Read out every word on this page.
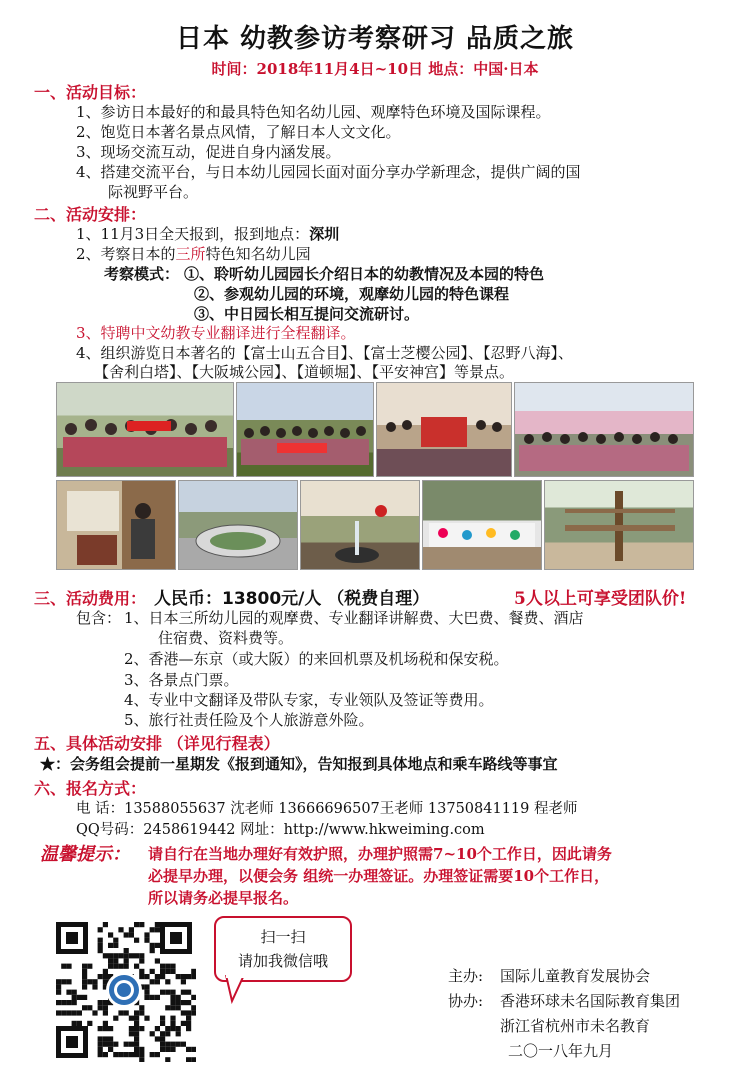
日本 幼教参访考察研习 品质之旅
时间：2018年11月4日~10日 地点：中国·日本
一、活动目标：
1、参访日本最好的和最具特色知名幼儿园、观摩特色环境及国际课程。
2、饱览日本著名景点风情，了解日本人文文化。
3、现场交流互动，促进自身内涵发展。
4、搭建交流平台，与日本幼儿园园长面对面分享办学新理念，提供广阔的国
际视野平台。
二、活动安排：
1、11月3日全天报到，报到地点：深圳
2、考察日本的三所特色知名幼儿园
考察模式： ①、聆听幼儿园园长介绍日本的幼教情况及本园的特色
②、参观幼儿园的环境，观摩幼儿园的特色课程
③、中日园长相互提问交流研讨。
3、特聘中文幼教专业翻译进行全程翻译。
4、组织游览日本著名的【富士山五合目】、【富士芝樱公园】、【忍野八海】、
【舍利白塔】、【大阪城公园】、【道顿堀】、【平安神宫】等景点。
三、活动费用： 人民币：13800元/人 （税费自理）	5人以上可享受团队价!
包含： 1、日本三所幼儿园的观摩费、专业翻译讲解费、大巴费、餐费、酒店
住宿费、资料费等。
2、香港—东京（或大阪）的来回机票及机场税和保安税。
3、各景点门票。
4、专业中文翻译及带队专家，专业领队及签证等费用。
5、旅行社责任险及个人旅游意外险。
五、具体活动安排 （详见行程表）
★：会务组会提前一星期发《报到通知》，告知报到具体地点和乘车路线等事宜
六、报名方式：
电 话：13588055637 沈老师 13666696507王老师 13750841119 程老师
QQ号码：2458619442 网址：http://www.hkweiming.com
温馨提示： 请自行在当地办理好有效护照，办理护照需7~10个工作日，因此请务
必提早办理，以便会务 组统一办理签证。办理签证需要10个工作日，
所以请务必提早报名。
扫一扫
请加我微信哦
主办: 国际儿童教育发展协会
协办: 香港环球未名国际教育集团
浙江省杭州市未名教育
二〇一八年九月
